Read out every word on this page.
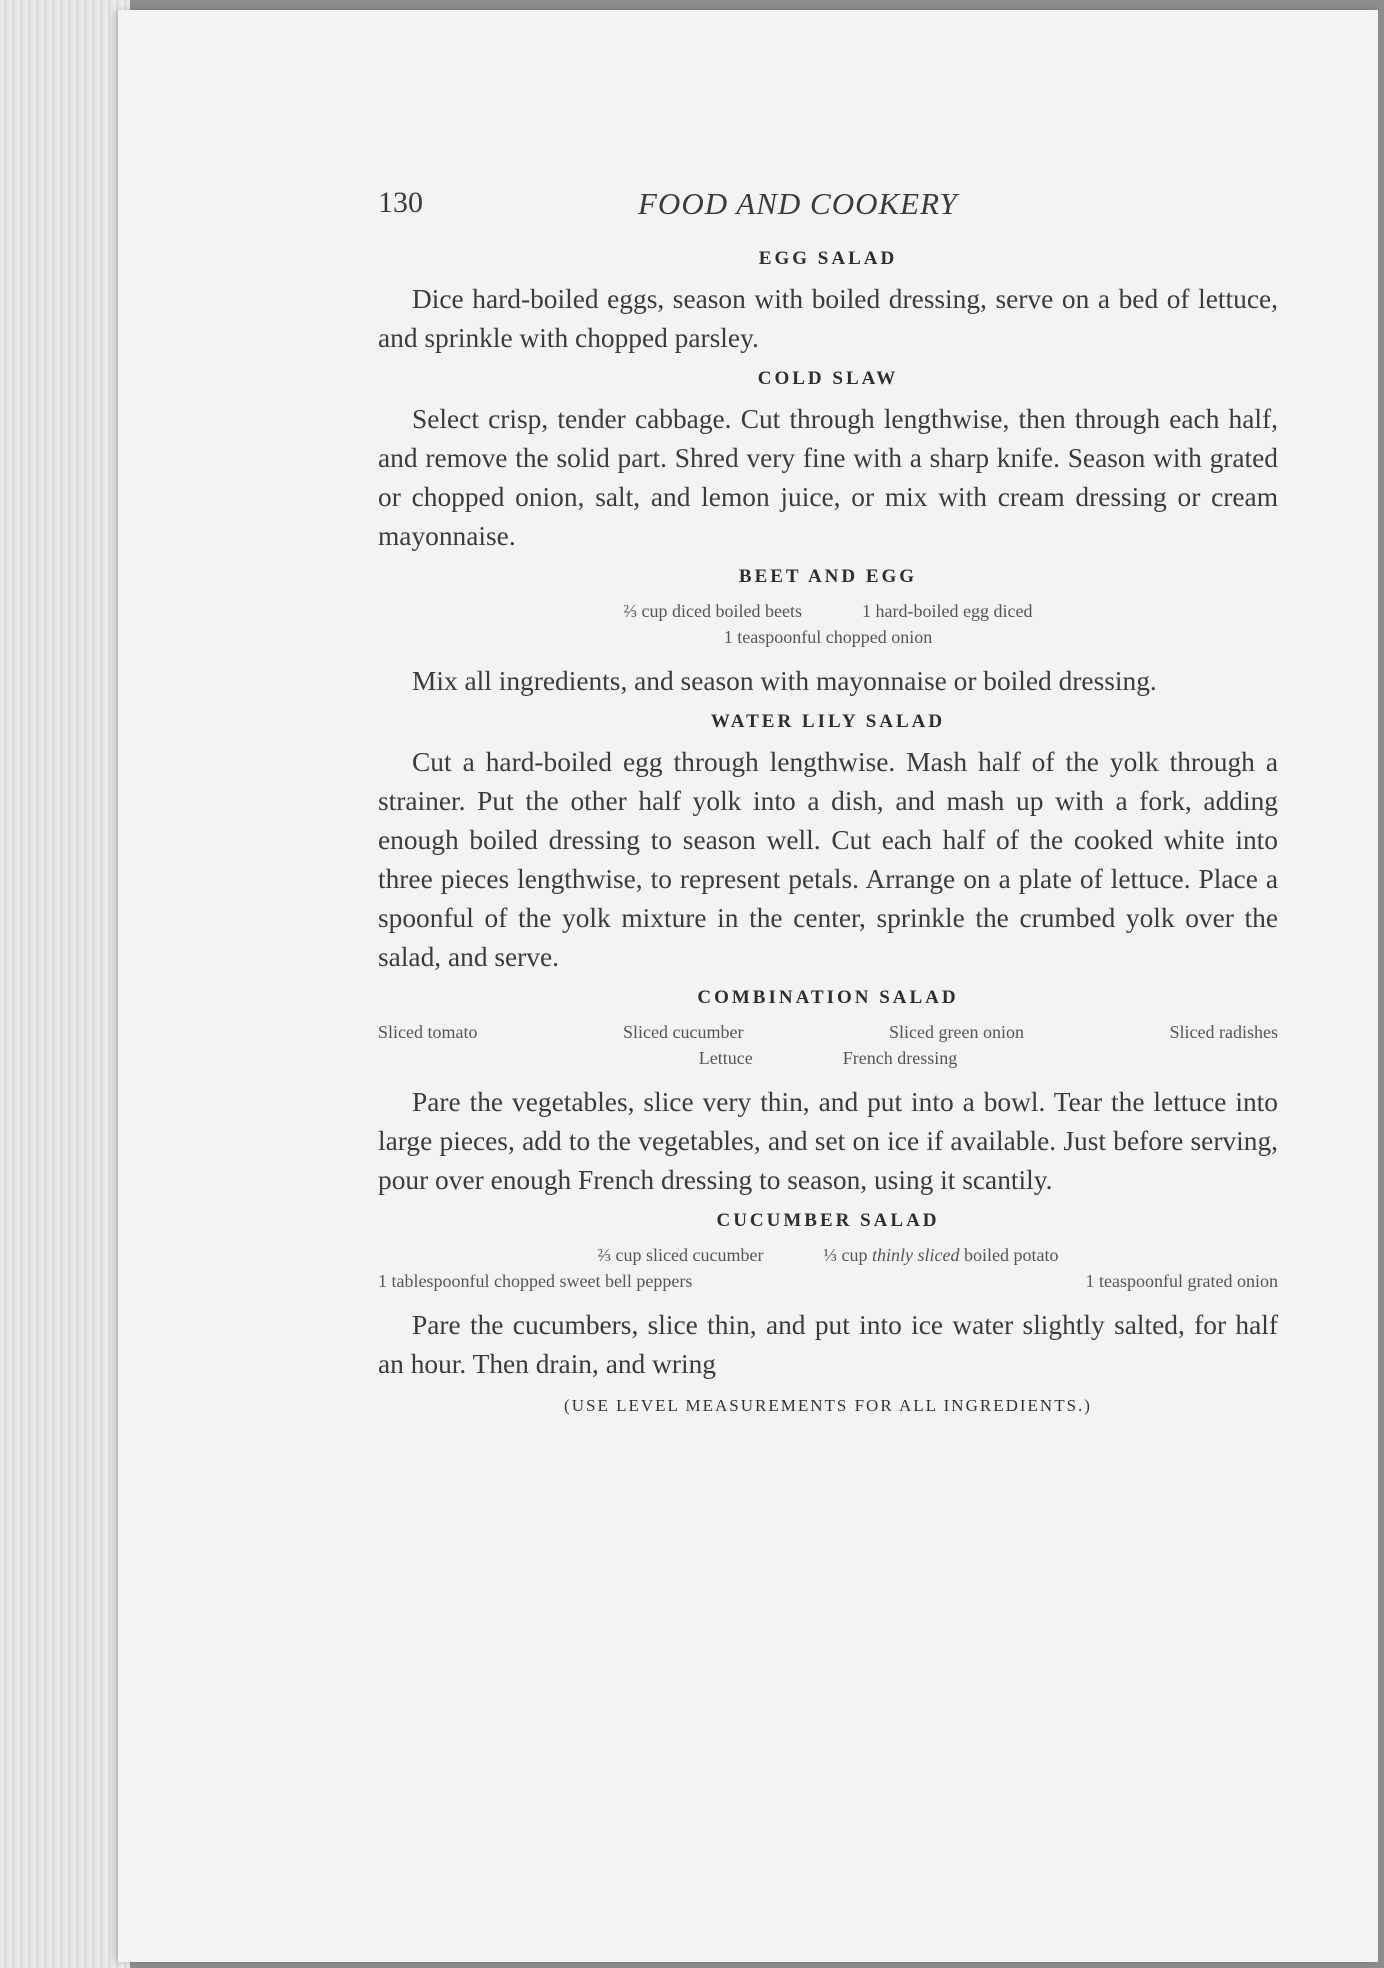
130	FOOD AND COOKERY
EGG SALAD

Dice hard-boiled eggs, season with boiled dressing, serve on a bed of lettuce, and sprinkle with chopped parsley.

COLD SLAW

Select crisp, tender cabbage. Cut through lengthwise, then through each half, and remove the solid part. Shred very fine with a sharp knife. Season with grated or chopped onion, salt, and lemon juice, or mix with cream dressing or cream mayonnaise.

BEET AND EGG
⅔ cup diced boiled beets	1 hard-boiled egg diced
1 teaspoonful chopped onion

Mix all ingredients, and season with mayonnaise or boiled dressing.

WATER LILY SALAD

Cut a hard-boiled egg through lengthwise. Mash half of the yolk through a strainer. Put the other half yolk into a dish, and mash up with a fork, adding enough boiled dressing to season well. Cut each half of the cooked white into three pieces lengthwise, to represent petals. Arrange on a plate of lettuce. Place a spoonful of the yolk mixture in the center, sprinkle the crumbed yolk over the salad, and serve.

COMBINATION SALAD
Sliced tomato	Sliced cucumber	Sliced green onion	Sliced radishes
Lettuce	French dressing

Pare the vegetables, slice very thin, and put into a bowl. Tear the lettuce into large pieces, add to the vegetables, and set on ice if available. Just before serving, pour over enough French dressing to season, using it scantily.

CUCUMBER SALAD
⅔ cup sliced cucumber	⅓ cup thinly sliced boiled potato
1 tablespoonful chopped sweet bell peppers	1 teaspoonful grated onion

Pare the cucumbers, slice thin, and put into ice water slightly salted, for half an hour. Then drain, and wring

(USE LEVEL MEASUREMENTS FOR ALL INGREDIENTS.)
